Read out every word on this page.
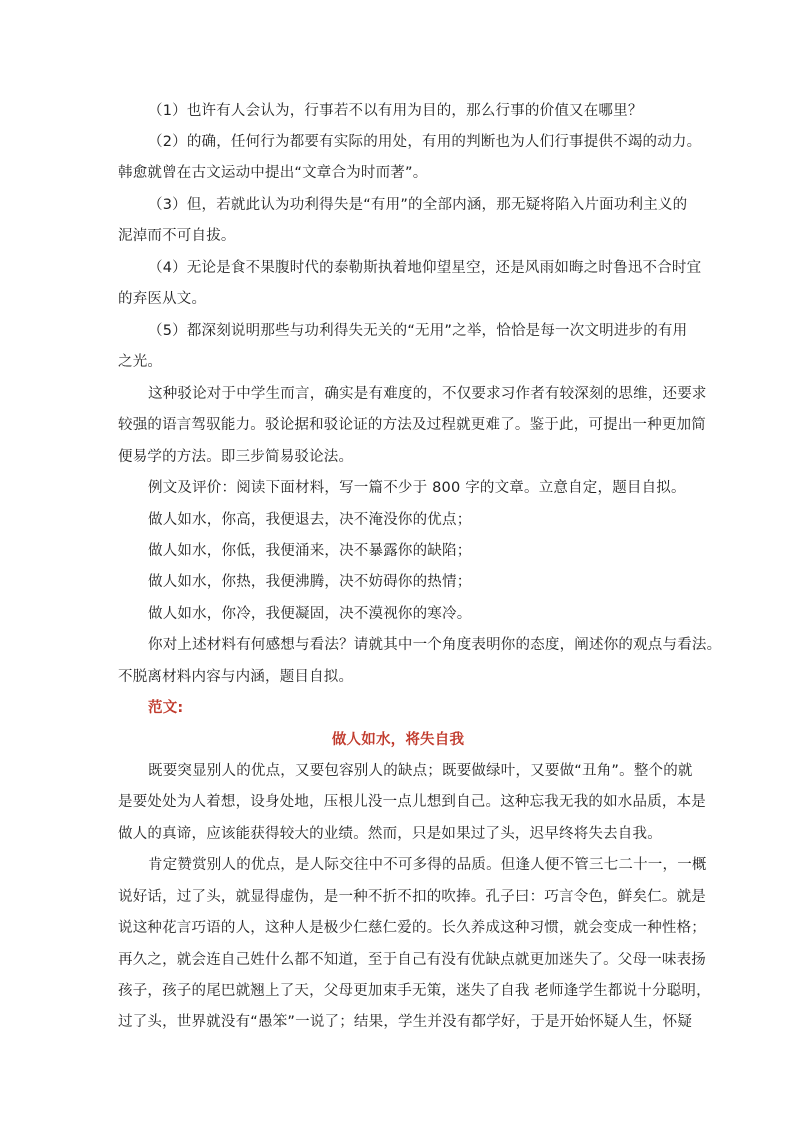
（1）也许有人会认为，行事若不以有用为目的，那么行事的价值又在哪里？
（2）的确，任何行为都要有实际的用处，有用的判断也为人们行事提供不竭的动力。
韩愈就曾在古文运动中提出“文章合为时而著”。
（3）但，若就此认为功利得失是“有用”的全部内涵，那无疑将陷入片面功利主义的
泥淖而不可自拔。
（4）无论是食不果腹时代的泰勒斯执着地仰望星空，还是风雨如晦之时鲁迅不合时宜
的弃医从文。
（5）都深刻说明那些与功利得失无关的“无用”之举，恰恰是每一次文明进步的有用
之光。
这种驳论对于中学生而言，确实是有难度的，不仅要求习作者有较深刻的思维，还要求
较强的语言驾驭能力。驳论据和驳论证的方法及过程就更难了。鉴于此，可提出一种更加简
便易学的方法。即三步简易驳论法。
例文及评价：阅读下面材料，写一篇不少于 800 字的文章。立意自定，题目自拟。
做人如水，你高，我便退去，决不淹没你的优点；
做人如水，你低，我便涌来，决不暴露你的缺陷；
做人如水，你热，我便沸腾，决不妨碍你的热情；
做人如水，你冷，我便凝固，决不漠视你的寒冷。
你对上述材料有何感想与看法？请就其中一个角度表明你的态度，阐述你的观点与看法。
不脱离材料内容与内涵，题目自拟。
范文:
做人如水，将失自我
既要突显别人的优点，又要包容别人的缺点；既要做绿叶，又要做“丑角”。整个的就
是要处处为人着想，设身处地，压根儿没一点儿想到自己。这种忘我无我的如水品质，本是
做人的真谛，应该能获得较大的业绩。然而，只是如果过了头，迟早终将失去自我。
肯定赞赏别人的优点，是人际交往中不可多得的品质。但逢人便不管三七二十一，一概
说好话，过了头，就显得虚伪，是一种不折不扣的吹捧。孔子曰：巧言令色，鲜矣仁。就是
说这种花言巧语的人，这种人是极少仁慈仁爱的。长久养成这种习惯，就会变成一种性格；
再久之，就会连自己姓什么都不知道，至于自己有没有优缺点就更加迷失了。父母一味表扬
孩子，孩子的尾巴就翘上了天，父母更加束手无策，迷失了自我 老师逢学生都说十分聪明，
过了头，世界就没有“愚笨”一说了；结果，学生并没有都学好，于是开始怀疑人生，怀疑
